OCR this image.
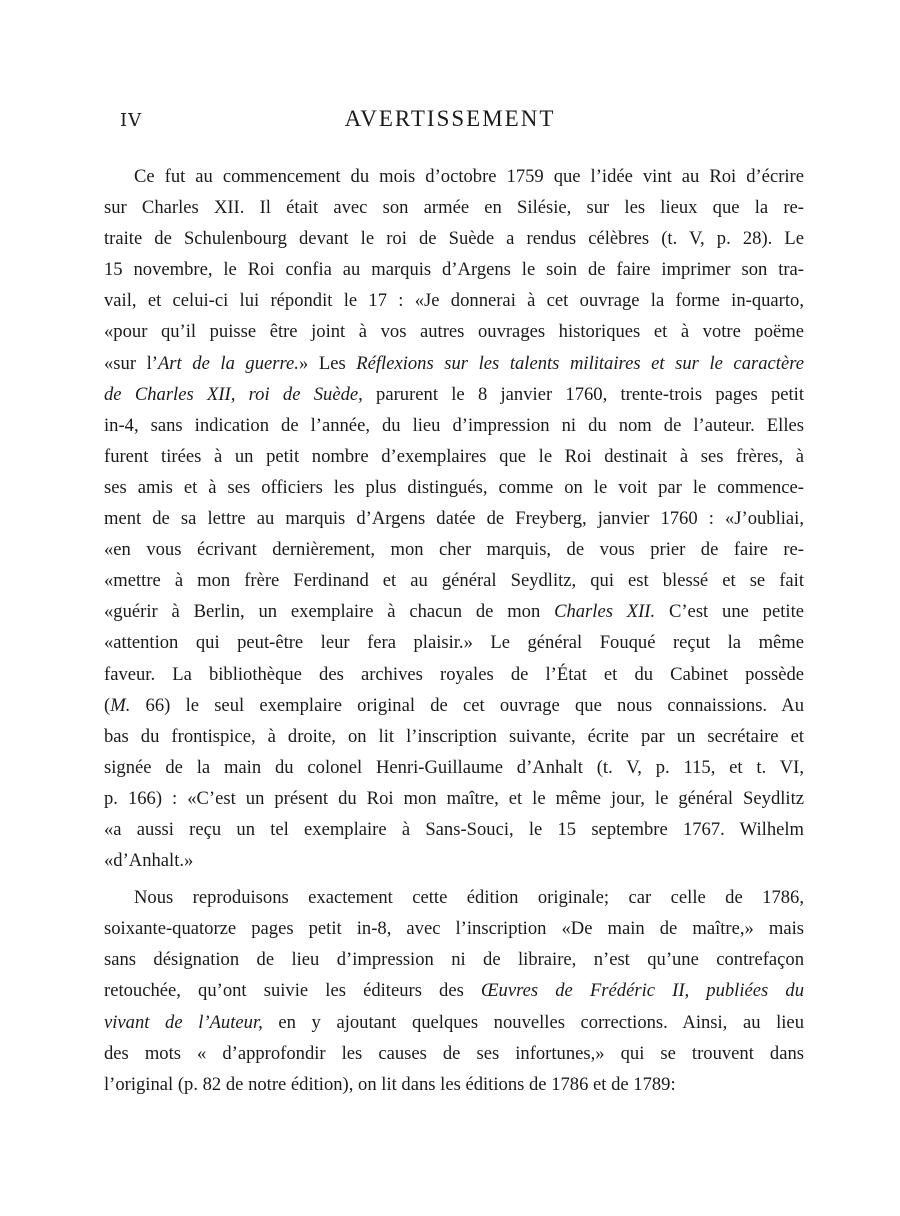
IV	AVERTISSEMENT
Ce fut au commencement du mois d’octobre 1759 que l’idée vint au Roi d’écrire
sur Charles XII. Il était avec son armée en Silésie, sur les lieux que la re-
traite de Schulenbourg devant le roi de Suède a rendus célèbres (t. V, p. 28). Le
15 novembre, le Roi confia au marquis d’Argens le soin de faire imprimer son tra-
vail, et celui-ci lui répondit le 17 : «Je donnerai à cet ouvrage la forme in-quarto,
«pour qu’il puisse être joint à vos autres ouvrages historiques et à votre poëme
«sur l’Art de la guerre.» Les Réflexions sur les talents militaires et sur le caractère
de Charles XII, roi de Suède, parurent le 8 janvier 1760, trente-trois pages petit
in-4, sans indication de l’année, du lieu d’impression ni du nom de l’auteur. Elles
furent tirées à un petit nombre d’exemplaires que le Roi destinait à ses frères, à
ses amis et à ses officiers les plus distingués, comme on le voit par le commence-
ment de sa lettre au marquis d’Argens datée de Freyberg, janvier 1760 : «J’oubliai,
«en vous écrivant dernièrement, mon cher marquis, de vous prier de faire re-
«mettre à mon frère Ferdinand et au général Seydlitz, qui est blessé et se fait
«guérir à Berlin, un exemplaire à chacun de mon Charles XII. C’est une petite
«attention qui peut-être leur fera plaisir.» Le général Fouqué reçut la même
faveur. La bibliothèque des archives royales de l’État et du Cabinet possède
(M. 66) le seul exemplaire original de cet ouvrage que nous connaissions. Au
bas du frontispice, à droite, on lit l’inscription suivante, écrite par un secrétaire et
signée de la main du colonel Henri-Guillaume d’Anhalt (t. V, p. 115, et t. VI,
p. 166) : «C’est un présent du Roi mon maître, et le même jour, le général Seydlitz
«a aussi reçu un tel exemplaire à Sans-Souci, le 15 septembre 1767. Wilhelm
«d’Anhalt.»
Nous reproduisons exactement cette édition originale; car celle de 1786,
soixante-quatorze pages petit in-8, avec l’inscription «De main de maître,» mais
sans désignation de lieu d’impression ni de libraire, n’est qu’une contrefaçon
retouchée, qu’ont suivie les éditeurs des Œuvres de Frédéric II, publiées du
vivant de l’Auteur, en y ajoutant quelques nouvelles corrections. Ainsi, au lieu
des mots « d’approfondir les causes de ses infortunes,» qui se trouvent dans
l’original (p. 82 de notre édition), on lit dans les éditions de 1786 et de 1789:
